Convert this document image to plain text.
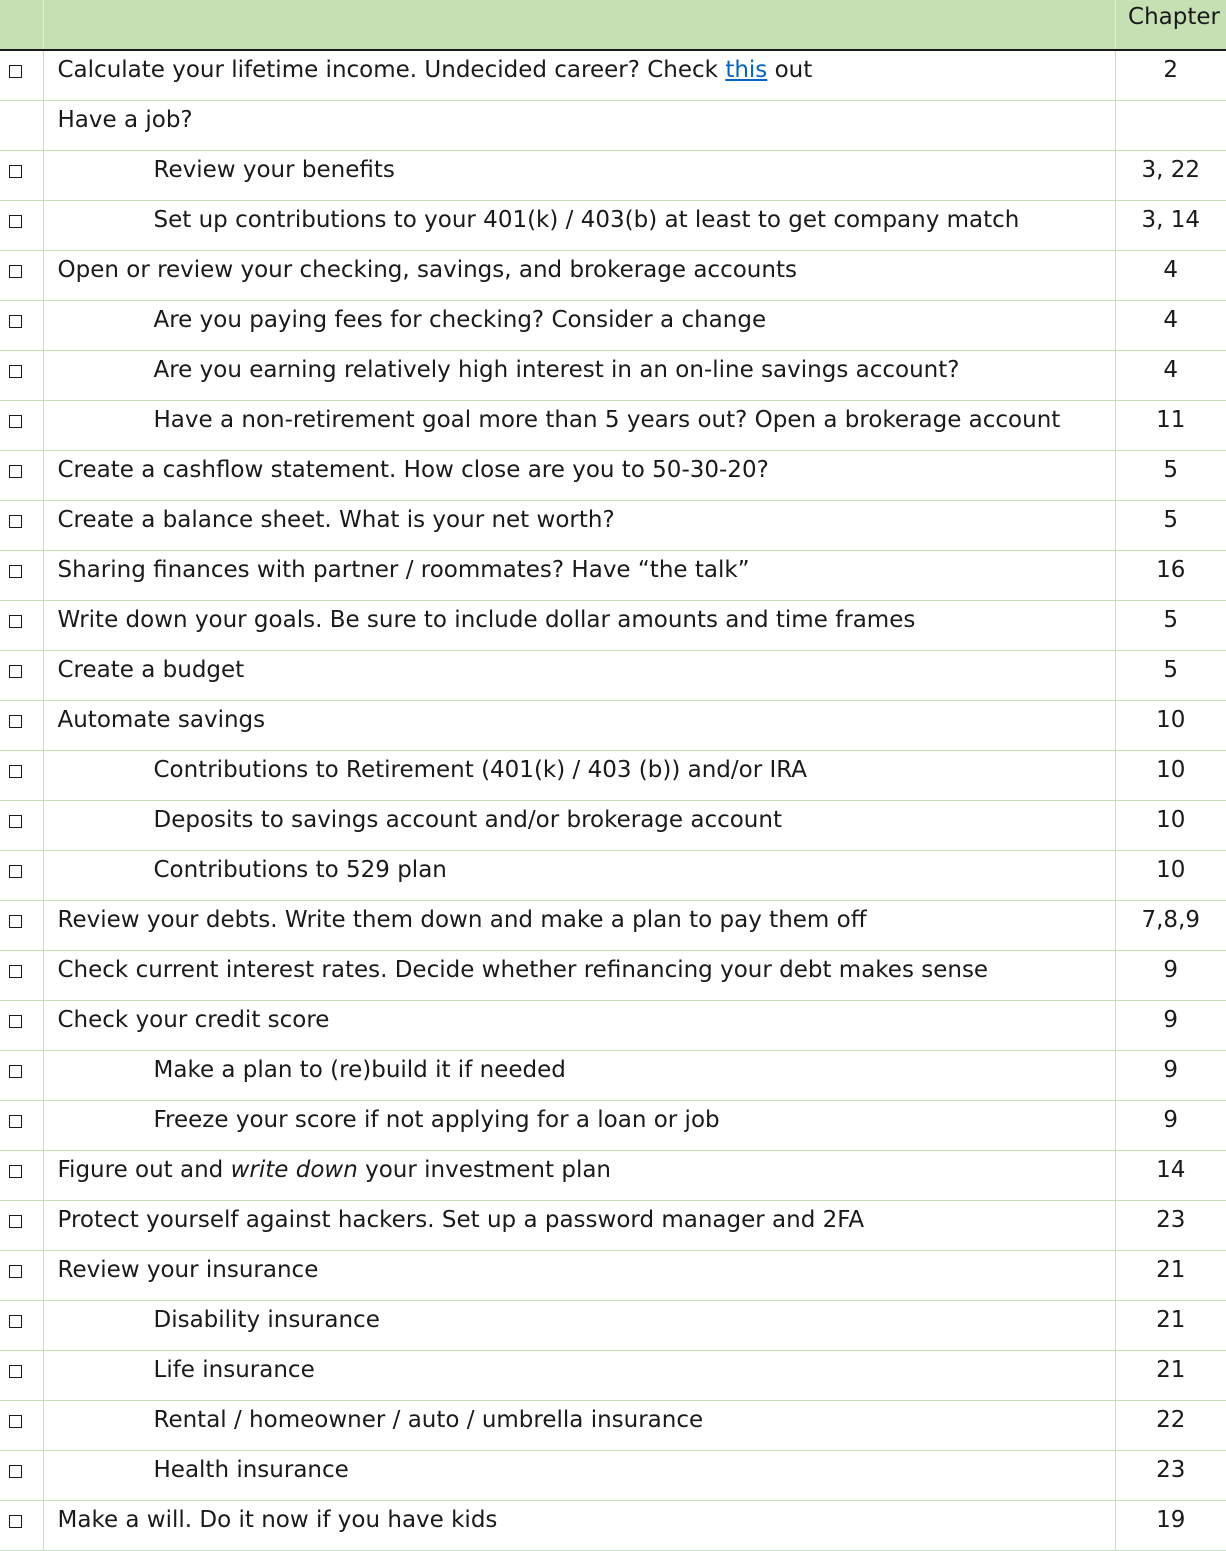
		Chapter
	Calculate your lifetime income. Undecided career? Check this out	2
	Have a job?	
	Review your benefits	3, 22
	Set up contributions to your 401(k) / 403(b) at least to get company match	3, 14
	Open or review your checking, savings, and brokerage accounts	4
	Are you paying fees for checking? Consider a change	4
	Are you earning relatively high interest in an on-line savings account?	4
	Have a non-retirement goal more than 5 years out? Open a brokerage account	11
	Create a cashflow statement. How close are you to 50-30-20?	5
	Create a balance sheet. What is your net worth?	5
	Sharing finances with partner / roommates? Have “the talk”	16
	Write down your goals. Be sure to include dollar amounts and time frames	5
	Create a budget	5
	Automate savings	10
	Contributions to Retirement (401(k) / 403 (b)) and/or IRA	10
	Deposits to savings account and/or brokerage account	10
	Contributions to 529 plan	10
	Review your debts. Write them down and make a plan to pay them off	7,8,9
	Check current interest rates. Decide whether refinancing your debt makes sense	9
	Check your credit score	9
	Make a plan to (re)build it if needed	9
	Freeze your score if not applying for a loan or job	9
	Figure out and write down your investment plan	14
	Protect yourself against hackers. Set up a password manager and 2FA	23
	Review your insurance	21
	Disability insurance	21
	Life insurance	21
	Rental / homeowner / auto / umbrella insurance	22
	Health insurance	23
	Make a will. Do it now if you have kids	19
